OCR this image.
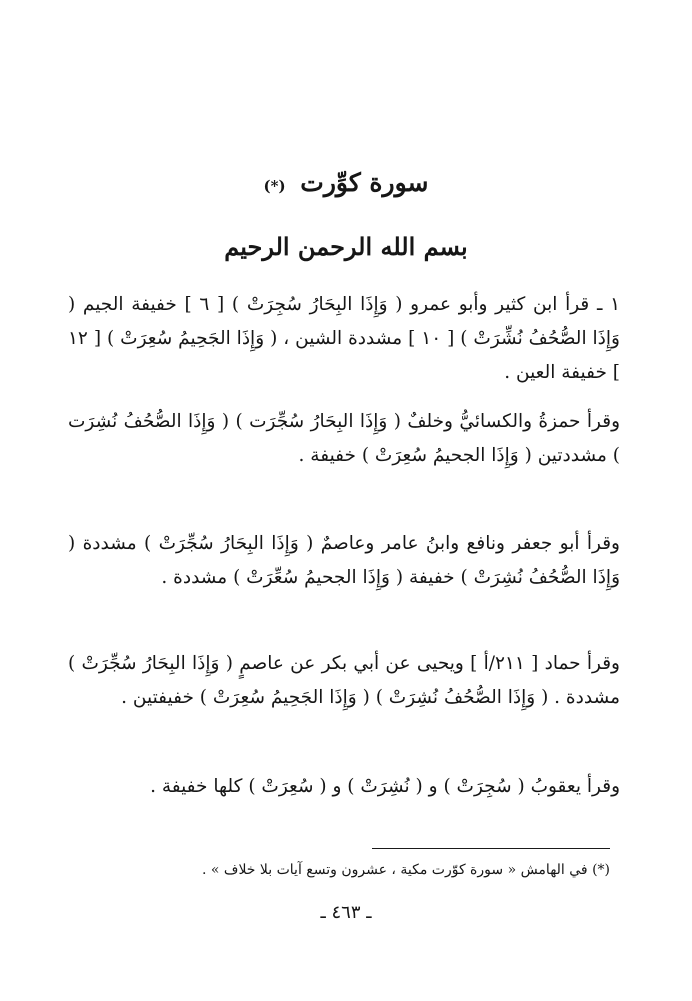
سورة كوِّرت (*)
بسم الله الرحمن الرحيم

١ ـ قرأ ابن كثير وأبو عمرو ( وَإِذَا البِحَارُ سُجِرَتْ ) [ ٦ ] خفيفة الجيم ( وَإِذَا الصُّحُفُ نُشِّرَتْ ) [ ١٠ ] مشددة الشين ، ( وَإِذَا الجَحِيمُ سُعِرَتْ ) [ ١٢ ] خفيفة العين .

وقرأ حمزةُ والكسائيُّ وخلفٌ ( وَإِذَا البِحَارُ سُجِّرَت ) ( وَإِذَا الصُّحُفُ نُشِرَت ) مشددتين ( وَإِذَا الجحيمُ سُعِرَتْ ) خفيفة .

وقرأ أبو جعفر ونافع وابنُ عامر وعاصمٌ ( وَإِذَا البِحَارُ سُجِّرَتْ ) مشددة ( وَإِذَا الصُّحُفُ نُشِرَتْ ) خفيفة ( وَإِذَا الجحيمُ سُعِّرَتْ ) مشددة .

وقرأ حماد [ ٢١١/أ ] ويحيى عن أبي بكر عن عاصمٍ ( وَإِذَا البِحَارُ سُجِّرَتْ ) مشددة . ( وَإِذَا الصُّحُفُ نُشِرَتْ ) ( وَإِذَا الجَحِيمُ سُعِرَتْ ) خفيفتين .

وقرأ يعقوبُ ( سُجِرَتْ ) و ( نُشِرَتْ ) و ( سُعِرَتْ ) كلها خفيفة .

(*) في الهامش « سورة كوّرت مكية ، عشرون وتسع آيات بلا خلاف » .
ـ ٤٦٣ ـ
